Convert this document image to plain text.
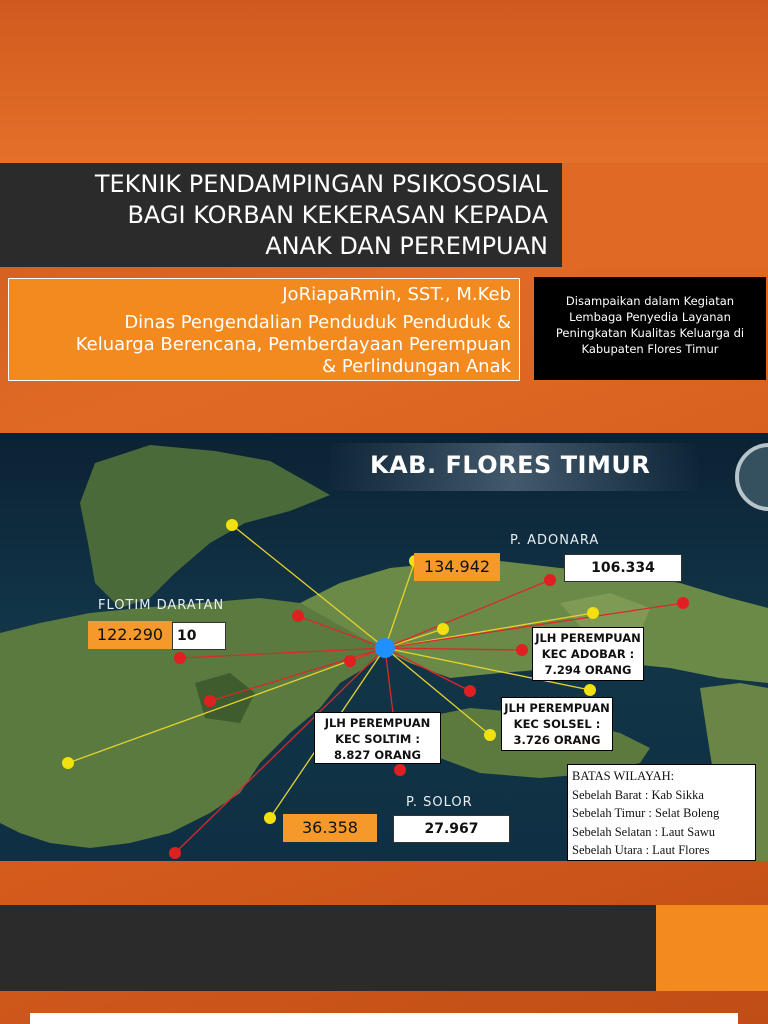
TEKNIK PENDAMPINGAN PSIKOSOSIAL
BAGI KORBAN KEKERASAN KEPADA
ANAK DAN PEREMPUAN
JoRiapaRmin, SST., M.Keb
Dinas Pengendalian Penduduk Penduduk &
Keluarga Berencana, Pemberdayaan Perempuan
& Perlindungan Anak
Disampaikan dalam Kegiatan
Lembaga Penyedia Layanan
Peningkatan Kualitas Keluarga di
Kabupaten Flores Timur
KAB. FLORES TIMUR
P. ADONARA
FLOTIM DARATAN
P. SOLOR
134.942	106.334
122.290 10
36.358	27.967
JLH PEREMPUAN
KEC ADOBAR :
7.294 ORANG
JLH PEREMPUAN
KEC SOLSEL :
3.726 ORANG
JLH PEREMPUAN
KEC SOLTIM :
8.827 ORANG
BATAS WILAYAH:
Sebelah Barat : Kab Sikka
Sebelah Timur : Selat Boleng
Sebelah Selatan : Laut Sawu
Sebelah Utara : Laut Flores
